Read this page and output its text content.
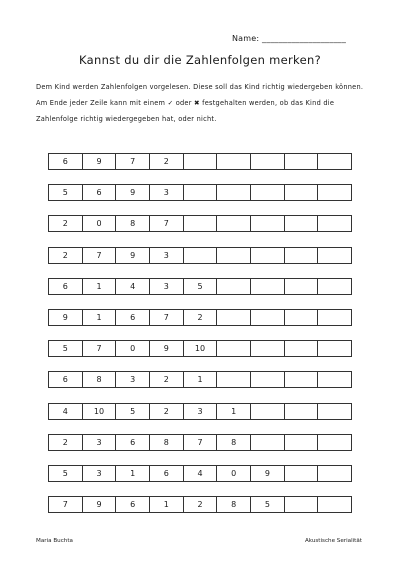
Name: ____________________
Kannst du dir die Zahlenfolgen merken?
Dem Kind werden Zahlenfolgen vorgelesen. Diese soll das Kind richtig wiedergeben können. Am Ende jeder Zeile kann mit einem ✓ oder ✖ festgehalten werden, ob das Kind die Zahlenfolge richtig wiedergegeben hat, oder nicht.
6	9	7	2
5	6	9	3
2	0	8	7
2	7	9	3
6	1	4	3	5
9	1	6	7	2
5	7	0	9	10
6	8	3	2	1
4	10	5	2	3	1
2	3	6	8	7	8
5	3	1	6	4	0	9
7	9	6	1	2	8	5
Maria Buchta	Akustische Serialität
